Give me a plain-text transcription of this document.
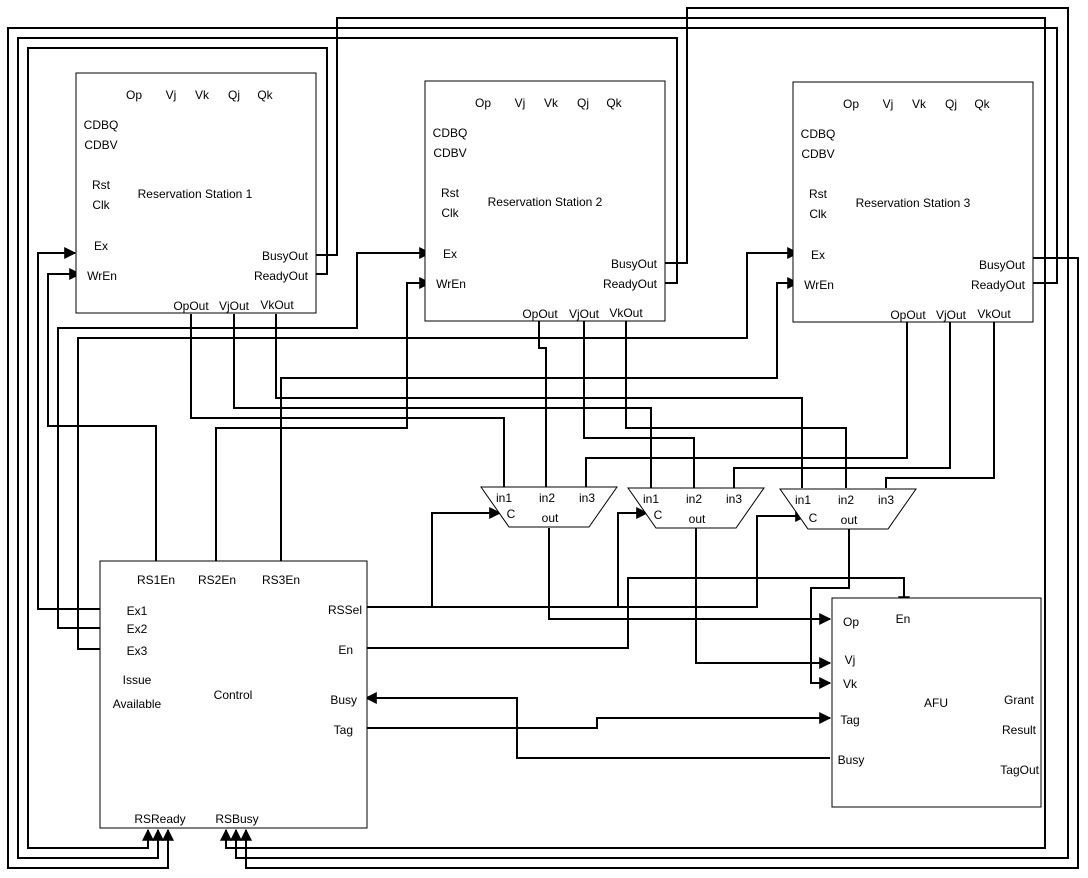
Reservation Station 1
Op Vj Vk Qj Qk
CDBQ
CDBV
Rst
Clk
Ex
WrEn
BusyOut
ReadyOut
OpOut VjOut VkOut
Reservation Station 2
Op Vj Vk Qj Qk
CDBQ
CDBV
Rst
Clk
Ex
WrEn
BusyOut
ReadyOut
OpOut VjOut VkOut
Reservation Station 3
Op Vj Vk Qj Qk
CDBQ
CDBV
Rst
Clk
Ex
WrEn
BusyOut
ReadyOut
OpOut VjOut VkOut
in1 in2 in3
C out
in1 in2 in3
C out
in1 in2 in3
C out
Control
RS1En RS2En RS3En
Ex1
Ex2
Ex3
RSSel
En
Busy
Tag
Issue
Available
RSReady RSBusy
AFU
En
Op
Vj
Vk
Tag
Busy
Grant
Result
TagOut
